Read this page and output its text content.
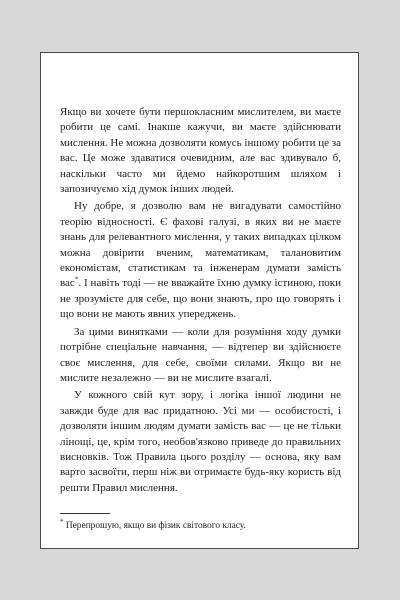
Якщо ви хочете бути першокласним мислителем, ви маєте робити це самі. Інакше кажучи, ви маєте здійснювати мислення. Не можна дозволяти комусь іншому робити це за вас. Це може здаватися очевидним, але вас здивувало б, наскільки часто ми йдемо найкоротшим шляхом і запозичуємо хід думок інших людей.

Ну добре, я дозволю вам не вигадувати самостійно теорію відносності. Є фахові галузі, в яких ви не маєте знань для релевантного мислення, у таких випадках цілком можна довірити вченим, математикам, талановитим економістам, статистикам та інженерам думати замість вас*. І навіть тоді — не вважайте їхню думку істиною, поки не зрозумієте для себе, що вони знають, про що говорять і що вони не мають явних упереджень.

За цими винятками — коли для розуміння ходу думки потрібне спеціальне навчання, — відтепер ви здійснюєте своє мислення, для себе, своїми силами. Якщо ви не мислите незалежно — ви не мислите взагалі.

У кожного свій кут зору, і логіка іншої людини не завжди буде для вас придатною. Усі ми — особистості, і дозволяти іншим людям думати замість вас — це не тільки лінощі, це, крім того, необов'язково приведе до правильних висновків. Тож Правила цього розділу — основа, яку вам варто засвоїти, перш ніж ви отримаєте будь-яку користь від решти Правил мислення.

* Перепрошую, якщо ви фізик світового класу.
